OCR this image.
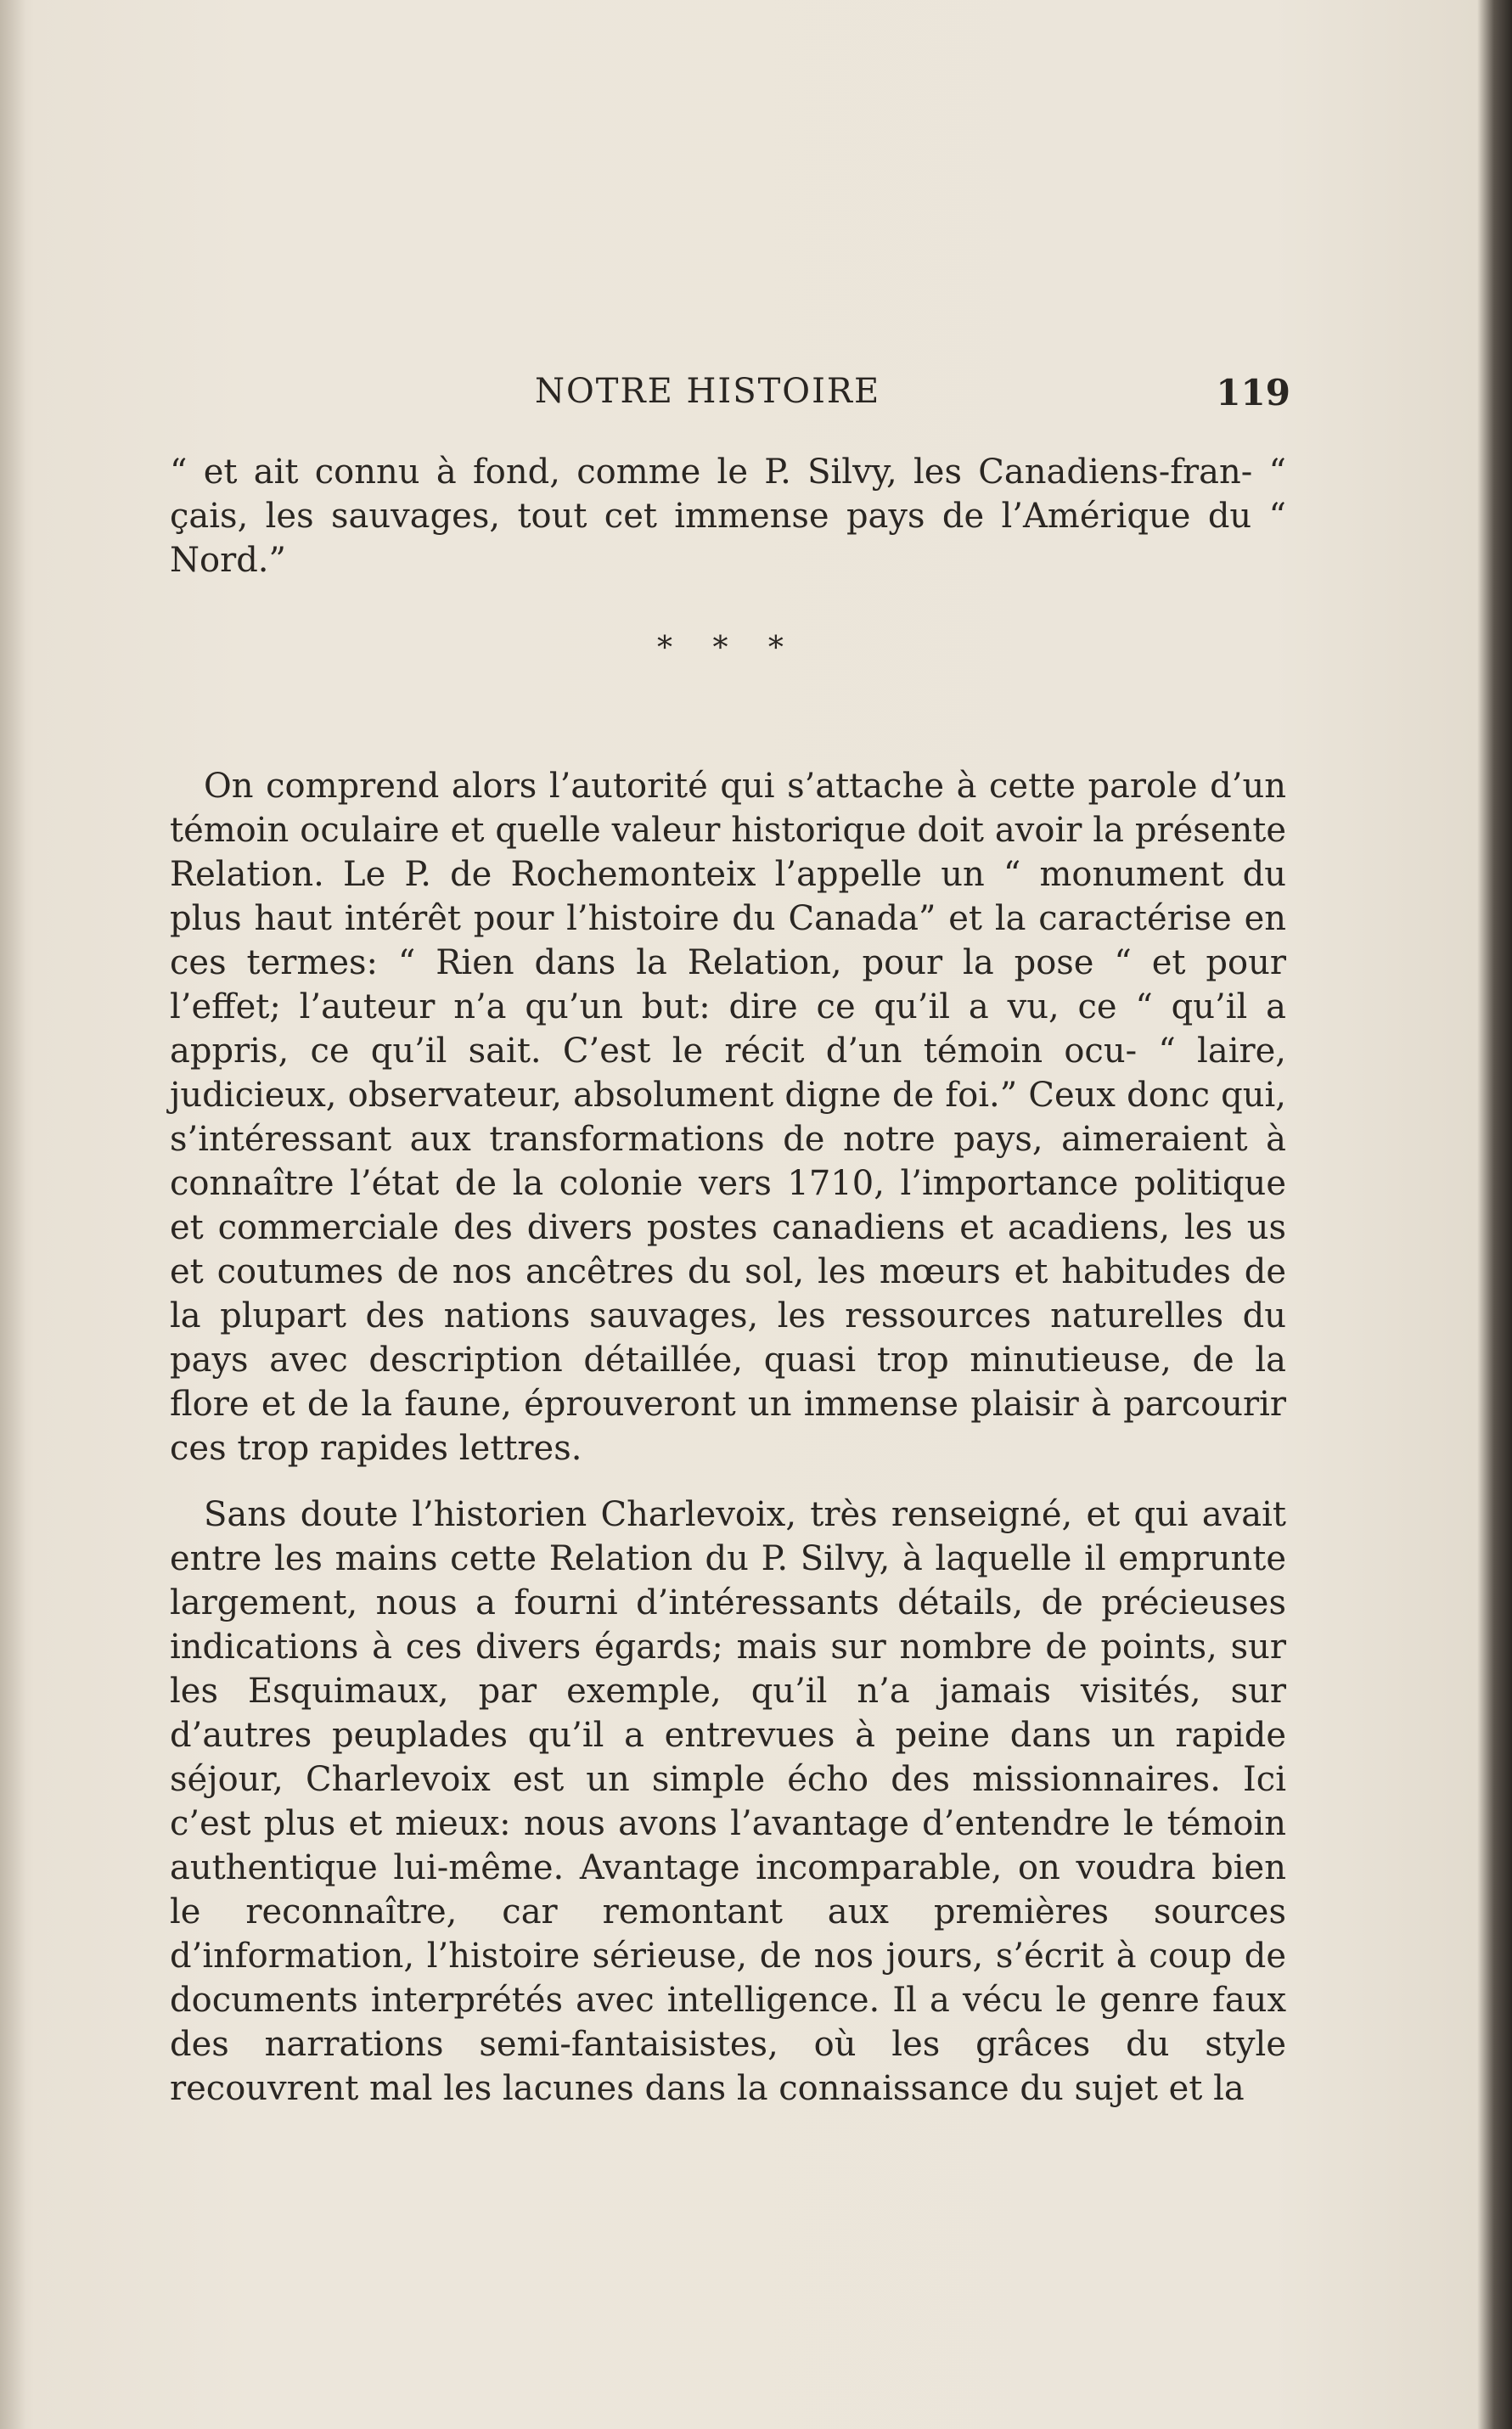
NOTRE HISTOIRE	119

“ et ait connu à fond, comme le P. Silvy, les Canadiens-fran- “ çais, les sauvages, tout cet immense pays de l’Amérique du “ Nord.”

* * *

On comprend alors l’autorité qui s’attache à cette parole d’un témoin oculaire et quelle valeur historique doit avoir la présente Relation. Le P. de Rochemonteix l’appelle un “ monument du plus haut intérêt pour l’histoire du Canada” et la caractérise en ces termes: “ Rien dans la Relation, pour la pose “ et pour l’effet; l’auteur n’a qu’un but: dire ce qu’il a vu, ce “ qu’il a appris, ce qu’il sait. C’est le récit d’un témoin ocu- “ laire, judicieux, observateur, absolument digne de foi.” Ceux donc qui, s’intéressant aux transformations de notre pays, aimeraient à connaître l’état de la colonie vers 1710, l’importance politique et commerciale des divers postes canadiens et acadiens, les us et coutumes de nos ancêtres du sol, les mœurs et habitudes de la plupart des nations sauvages, les ressources naturelles du pays avec description détaillée, quasi trop minutieuse, de la flore et de la faune, éprouveront un immense plaisir à parcourir ces trop rapides lettres.

Sans doute l’historien Charlevoix, très renseigné, et qui avait entre les mains cette Relation du P. Silvy, à laquelle il emprunte largement, nous a fourni d’intéressants détails, de précieuses indications à ces divers égards; mais sur nombre de points, sur les Esquimaux, par exemple, qu’il n’a jamais visités, sur d’autres peuplades qu’il a entrevues à peine dans un rapide séjour, Charlevoix est un simple écho des missionnaires. Ici c’est plus et mieux: nous avons l’avantage d’entendre le témoin authentique lui-même. Avantage incomparable, on voudra bien le reconnaître, car remontant aux premières sources d’information, l’histoire sérieuse, de nos jours, s’écrit à coup de documents interprétés avec intelligence. Il a vécu le genre faux des narrations semi-fantaisistes, où les grâces du style recouvrent mal les lacunes dans la connaissance du sujet et la
